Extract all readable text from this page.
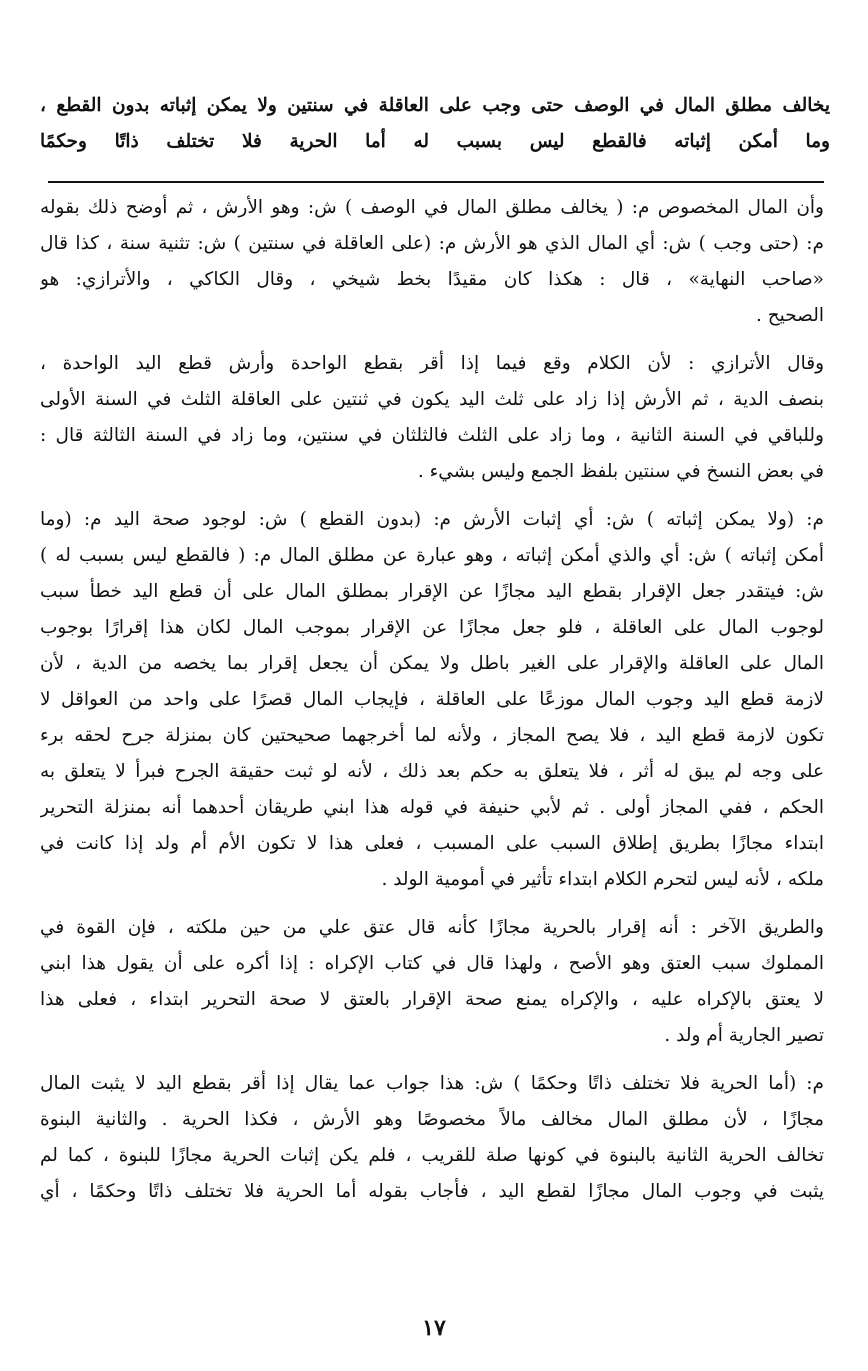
يخالف مطلق المال في الوصف حتى وجب على العاقلة في سنتين ولا يمكن إثباته بدون القطع ،
وما أمكن إثباته فالقطع ليس بسبب له أما الحرية فلا تختلف ذاتًا وحكمًا
وأن المال المخصوص م: ( يخالف مطلق المال في الوصف ) ش: وهو الأرش ، ثم أوضح ذلك بقوله
م: (حتى وجب ) ش: أي المال الذي هو الأرش م: (على العاقلة في سنتين ) ش: تثنية سنة ، كذا قال
«صاحب النهاية» ، قال : هكذا كان مقيدًا بخط شيخي ، وقال الكاكي ، والأترازي: هو
الصحيح .
وقال الأترازي : لأن الكلام وقع فيما إذا أقر بقطع الواحدة وأرش قطع اليد الواحدة ،
بنصف الدية ، ثم الأرش إذا زاد على ثلث اليد يكون في ثنتين على العاقلة الثلث في السنة الأولى
وللباقي في السنة الثانية ، وما زاد على الثلث فالثلثان في سنتين، وما زاد في السنة الثالثة قال :
في بعض النسخ في سنتين بلفظ الجمع وليس بشيء .
م: (ولا يمكن إثباته ) ش: أي إثبات الأرش م: (بدون القطع ) ش: لوجود صحة اليد م: (وما
أمكن إثباته ) ش: أي والذي أمكن إثباته ، وهو عبارة عن مطلق المال م: ( فالقطع ليس بسبب له )
ش: فيتقدر جعل الإقرار بقطع اليد مجازًا عن الإقرار بمطلق المال على أن قطع اليد خطأ سبب
لوجوب المال على العاقلة ، فلو جعل مجازًا عن الإقرار بموجب المال لكان هذا إقرارًا بوجوب
المال على العاقلة والإقرار على الغير باطل ولا يمكن أن يجعل إقرار بما يخصه من الدية ، لأن
لازمة قطع اليد وجوب المال موزعًا على العاقلة ، فإيجاب المال قصرًا على واحد من العواقل لا
تكون لازمة قطع اليد ، فلا يصح المجاز ، ولأنه لما أخرجهما صحيحتين كان بمنزلة جرح لحقه برء
على وجه لم يبق له أثر ، فلا يتعلق به حكم بعد ذلك ، لأنه لو ثبت حقيقة الجرح فبرأ لا يتعلق به
الحكم ، ففي المجاز أولى . ثم لأبي حنيفة في قوله هذا ابني طريقان أحدهما أنه بمنزلة التحرير
ابتداء مجازًا بطريق إطلاق السبب على المسبب ، فعلى هذا لا تكون الأم أم ولد إذا كانت في
ملكه ، لأنه ليس لتحرم الكلام ابتداء تأثير في أمومية الولد .
والطريق الآخر : أنه إقرار بالحرية مجازًا كأنه قال عتق علي من حين ملكته ، فإن القوة في
المملوك سبب العتق وهو الأصح ، ولهذا قال في كتاب الإكراه : إذا أكره على أن يقول هذا ابني
لا يعتق بالإكراه عليه ، والإكراه يمنع صحة الإقرار بالعتق لا صحة التحرير ابتداء ، فعلى هذا
تصير الجارية أم ولد .
م: (أما الحرية فلا تختلف ذاتًا وحكمًا ) ش: هذا جواب عما يقال إذا أقر بقطع اليد لا يثبت المال
مجازًا ، لأن مطلق المال مخالف مالاً مخصوصًا وهو الأرش ، فكذا الحرية . والثانية البنوة
تخالف الحرية الثانية بالبنوة في كونها صلة للقريب ، فلم يكن إثبات الحرية مجازًا للبنوة ، كما لم
يثبت في وجوب المال مجازًا لقطع اليد ، فأجاب بقوله أما الحرية فلا تختلف ذاتًا وحكمًا ، أي
١٧
